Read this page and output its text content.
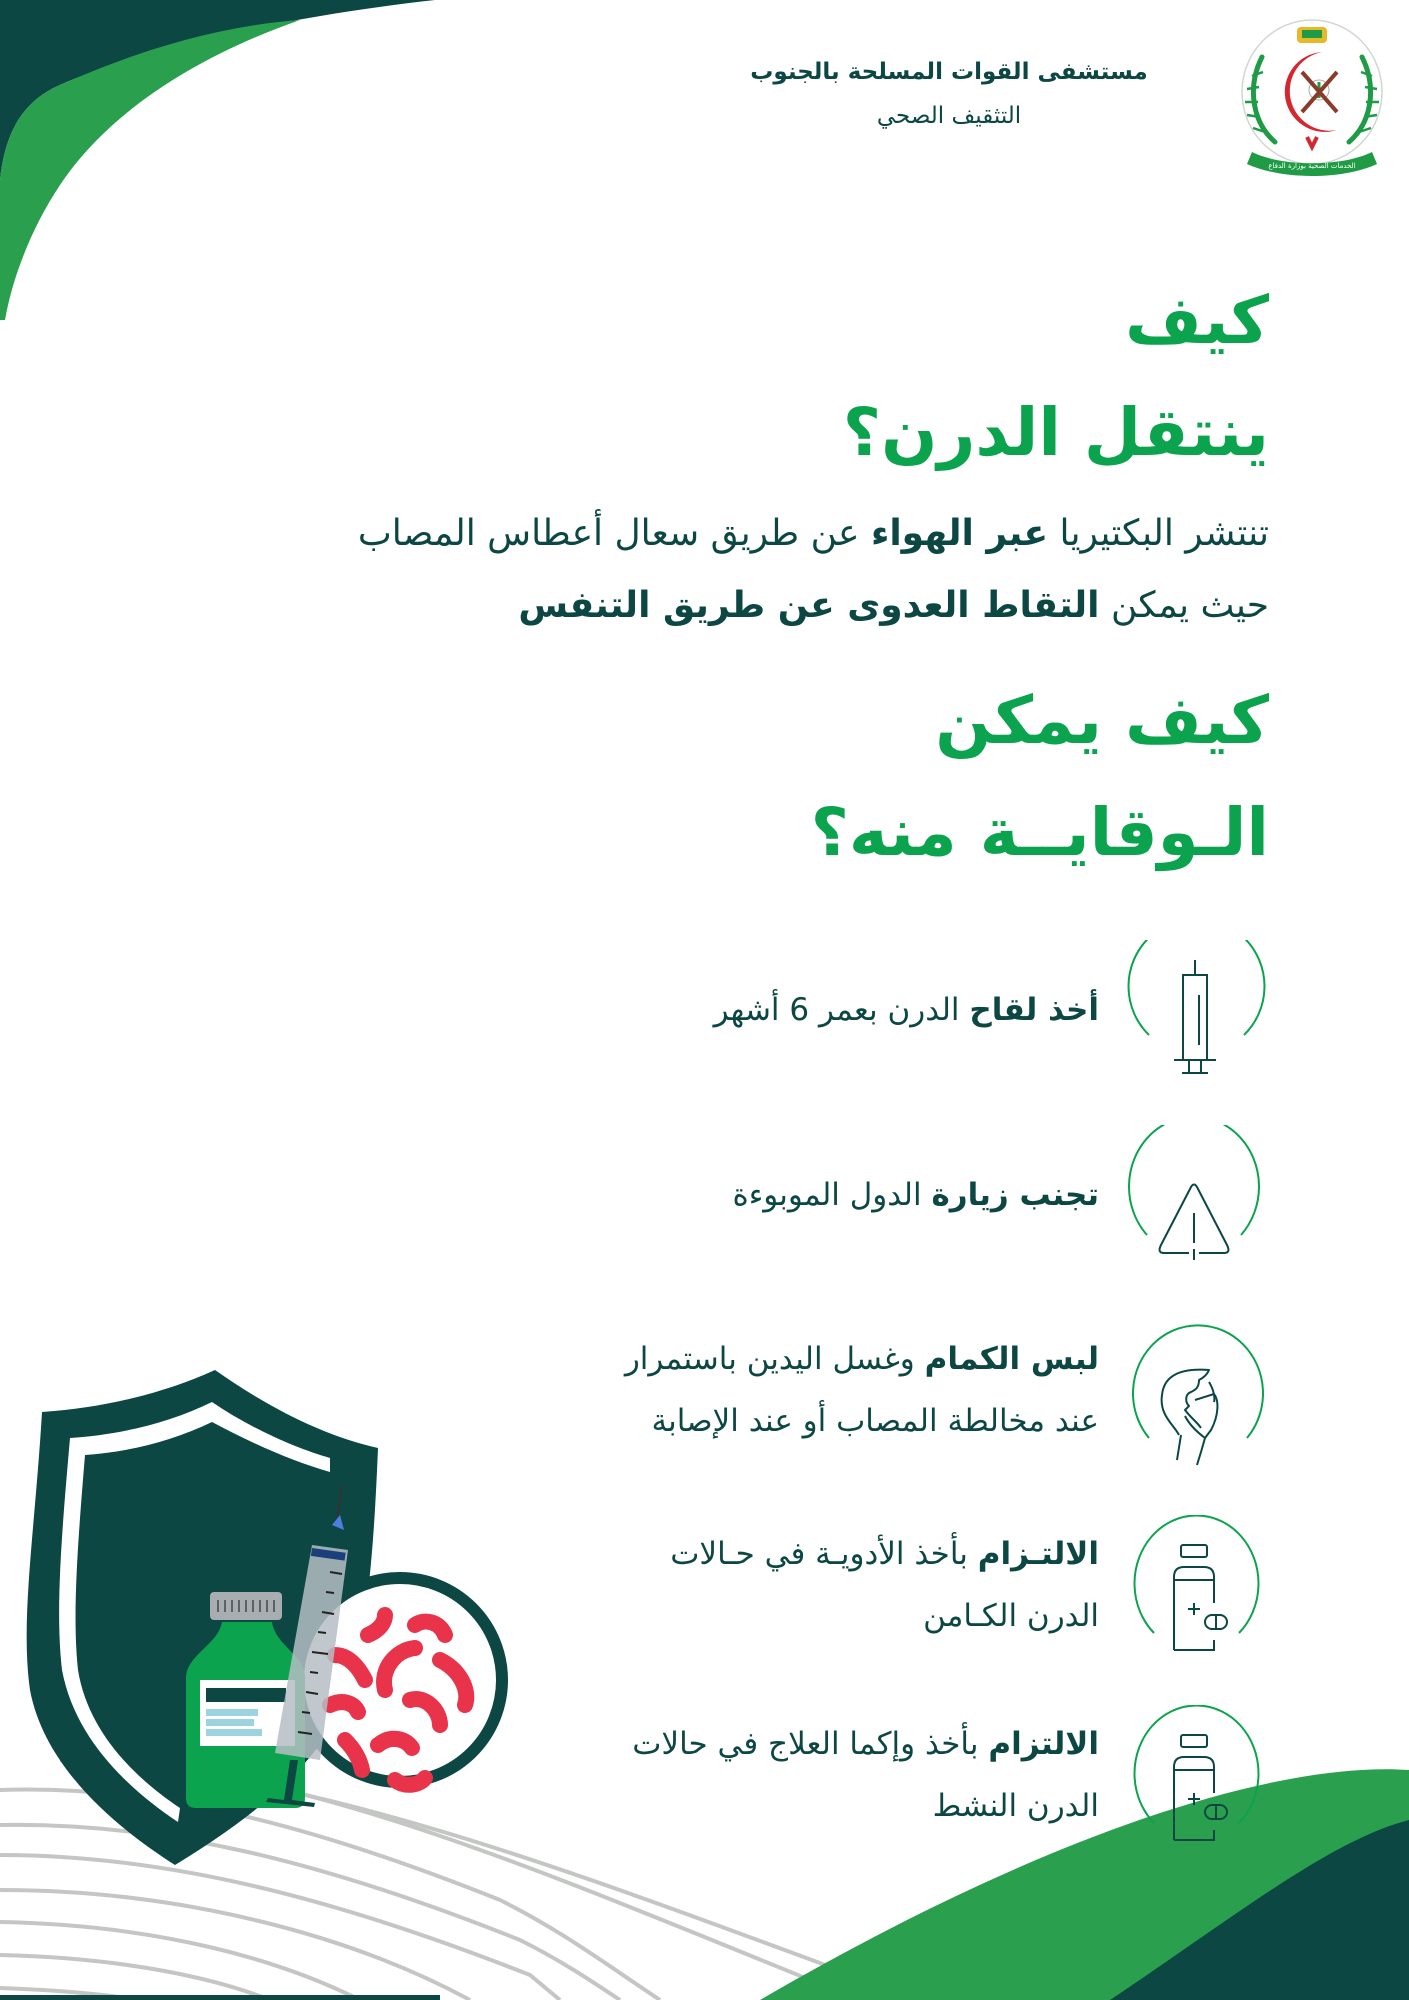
مستشفى القوات المسلحة بالجنوب
التثقيف الصحي
الخدمات الصحية بوزارة الدفاع
كيف
ينتقل الدرن؟
تنتشر البكتيريا عبر الهواء عن طريق سعال أعطاس المصاب
حيث يمكن التقاط العدوى عن طريق التنفس
كيف يمكن
الـوقايــة منه؟
أخذ لقاح الدرن بعمر 6 أشهر
تجنب زيارة الدول الموبوءة
لبس الكمام وغسل اليدين باستمرار
عند مخالطة المصاب أو عند الإصابة
الالتـزام بأخذ الأدويـة في حـالات
الدرن الكـامن
الالتزام بأخذ وإكما العلاج في حالات
الدرن النشط
